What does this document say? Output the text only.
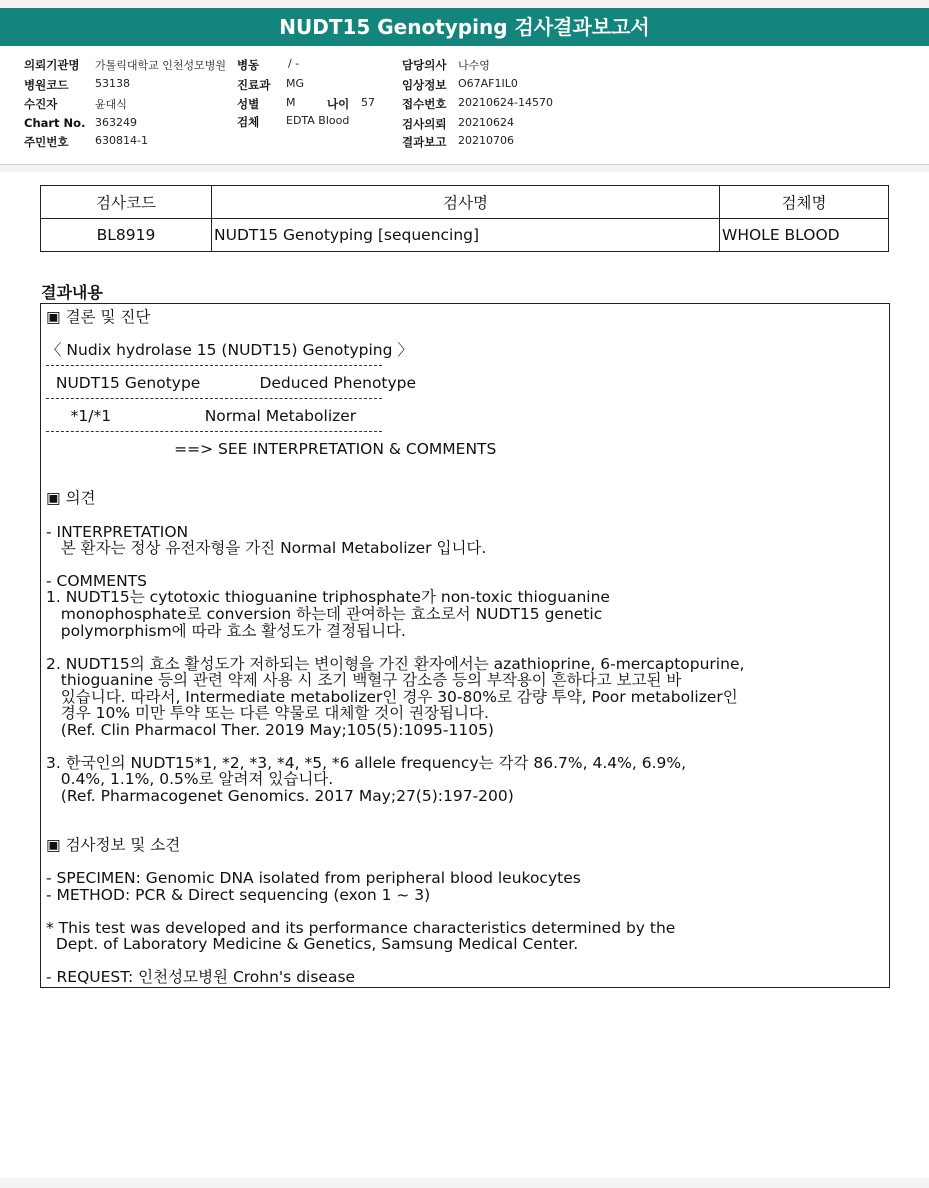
NUDT15 Genotyping 검사결과보고서
의뢰기관명 가톨릭대학교 인천성모병원
병원코드 53138
수진자	윤대식
Chart No. 363249
주민번호 630814-1
병동	/ -
진료과 MG
성별 M	나이 57
검체 EDTA Blood
담당의사 나수영
임상정보 O67AF1IL0
접수번호 20210624-14570
검사의뢰 20210624
결과보고 20210706
검사코드	검사명	검체명
BL8919	NUDT15 Genotyping [sequencing]	WHOLE BLOOD
결과내용
▣ 결론 및 진단
〈 Nudix hydrolase 15 (NUDT15) Genotyping 〉
NUDT15 Genotype            Deduced Phenotype
*1/*1                   Normal Metabolizer
==> SEE INTERPRETATION & COMMENTS
▣ 의견
- INTERPRETATION
본 환자는 정상 유전자형을 가진 Normal Metabolizer 입니다.
- COMMENTS
1. NUDT15는 cytotoxic thioguanine triphosphate가 non-toxic thioguanine
monophosphate로 conversion 하는데 관여하는 효소로서 NUDT15 genetic
polymorphism에 따라 효소 활성도가 결정됩니다.
2. NUDT15의 효소 활성도가 저하되는 변이형을 가진 환자에서는 azathioprine, 6-mercaptopurine,
thioguanine 등의 관련 약제 사용 시 조기 백혈구 감소증 등의 부작용이 흔하다고 보고된 바
있습니다. 따라서, Intermediate metabolizer인 경우 30-80%로 감량 투약, Poor metabolizer인
경우 10% 미만 투약 또는 다른 약물로 대체할 것이 권장됩니다.
(Ref. Clin Pharmacol Ther. 2019 May;105(5):1095-1105)
3. 한국인의 NUDT15*1, *2, *3, *4, *5, *6 allele frequency는 각각 86.7%, 4.4%, 6.9%,
0.4%, 1.1%, 0.5%로 알려져 있습니다.
(Ref. Pharmacogenet Genomics. 2017 May;27(5):197-200)
▣ 검사정보 및 소견
- SPECIMEN: Genomic DNA isolated from peripheral blood leukocytes
- METHOD: PCR & Direct sequencing (exon 1 ~ 3)
* This test was developed and its performance characteristics determined by the
Dept. of Laboratory Medicine & Genetics, Samsung Medical Center.
- REQUEST: 인천성모병원 Crohn's disease
